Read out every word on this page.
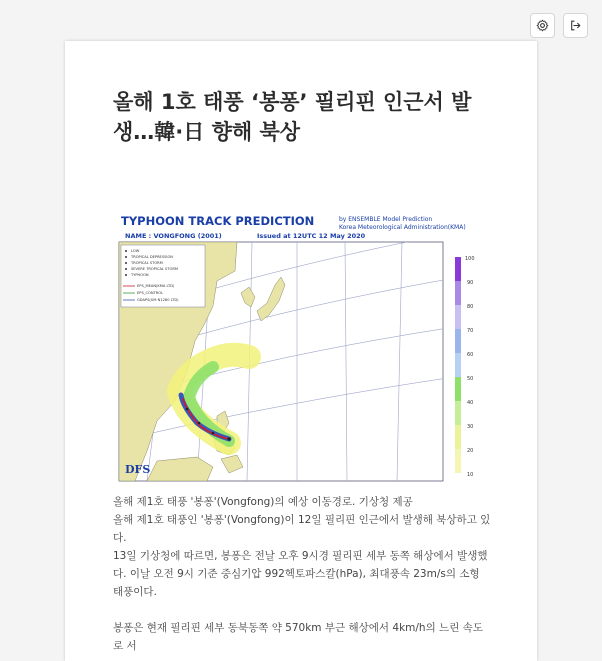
올해 1호 태풍 ‘봉퐁’ 필리핀 인근서 발생…韓·日 향해 북상
TYPHOON TRACK PREDICTION	by ENSEMBLE Model Prediction
Korea Meteorological Administration(KMA)
NAME : VONGFONG (2001)	Issued at 12UTC 12 May 2020
LOW
TROPICAL DEPRESSION
TROPICAL STORM
SEVERE TROPICAL STORM
TYPHOON
EPS_MEAN(KMA LTD)
EPS_CONTROL
GDAPS(UM N1280 LTD)
DFS
100
90
80
70
60
50
40
30
20
10
올해 제1호 태풍 '봉퐁'(Vongfong)의 예상 이동경로. 기상청 제공

올해 제1호 태풍인 '봉퐁'(Vongfong)이 12일 필리핀 인근에서 발생해 북상하고 있다.

13일 기상청에 따르면, 봉퐁은 전날 오후 9시경 필리핀 세부 동쪽 해상에서 발생했다. 이날 오전 9시 기준 중심기압 992헥토파스칼(hPa), 최대풍속 23m/s의 소형 태풍이다.

봉퐁은 현재 필리핀 세부 동북동쪽 약 570km 부근 해상에서 4km/h의 느린 속도로 서
